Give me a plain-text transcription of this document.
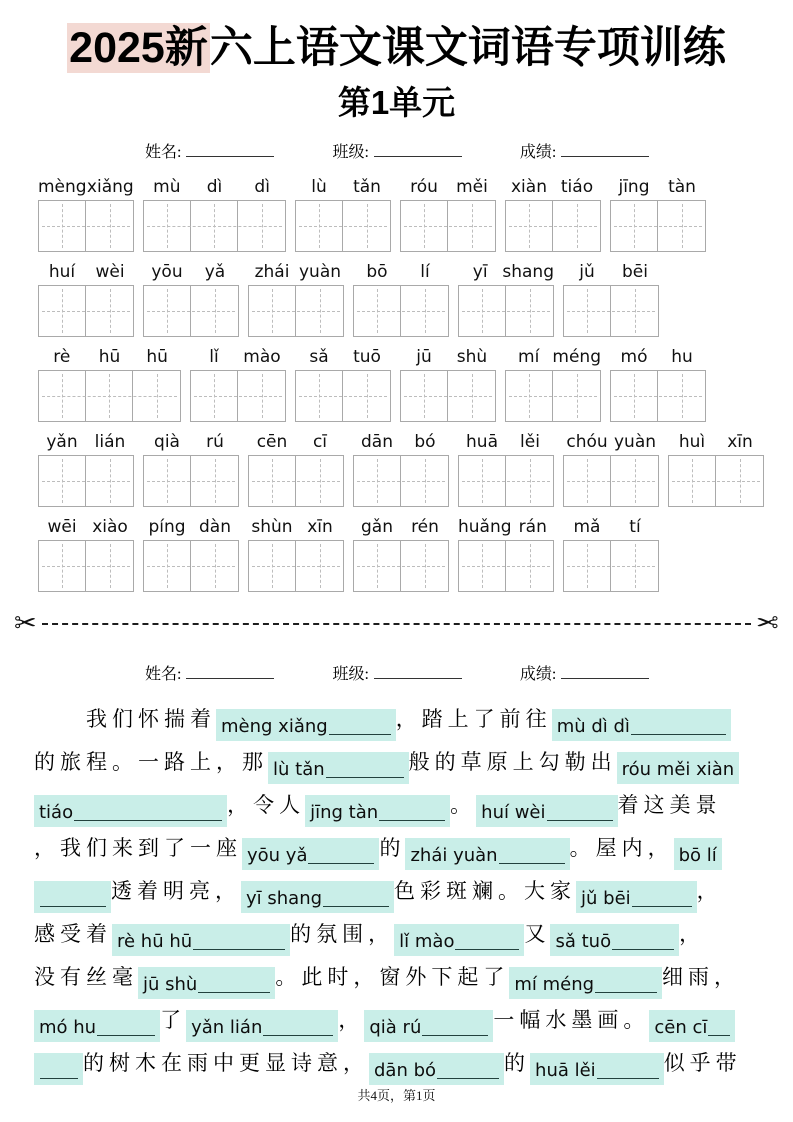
2025新六上语文课文词语专项训练
第1单元
姓名:	班级:	成绩:
mèng xiǎng	mù	dì	dì	lù	tǎn	róu	měi	xiàn tiáo	jīng	tàn
huí	wèi	yōu	yǎ	zhái yuàn	bō	lí	yī shang	jǔ	bēi
rè	hū	hū	lǐ	mào	sǎ	tuō	jū	shù	mí méng	mó	hu
yǎn	lián	qià	rú	cēn	cī	dān	bó	huā	lěi	chóu yuàn	huì	xīn
wēi xiào	píng dàn	shùn xīn	gǎn	rén	huǎng rán	mǎ	tí
✂	✂
姓名:	班级:	成绩:
我们怀揣着 mèng xiǎng	，踏上了前往 mù dì dì
的旅程。一路上，那 lù tǎn	般的草原上勾勒出 róu měi xiàn
tiáo	，令人 jīng tàn	。 huí wèi	着这美景
，我们来到了一座 yōu yǎ	的 zhái yuàn	。屋内， bō lí
透着明亮， yī shang	色彩斑斓。大家 jǔ bēi	，
感受着 rè hū hū	的氛围， lǐ mào	又 sǎ tuō	，
没有丝毫 jū shù	。此时，窗外下起了 mí méng	细雨，
mó hu	了 yǎn lián	， qià rú	一幅水墨画。 cēn cī
的树木在雨中更显诗意， dān bó	的 huā lěi	似乎带
共4页，第1页
